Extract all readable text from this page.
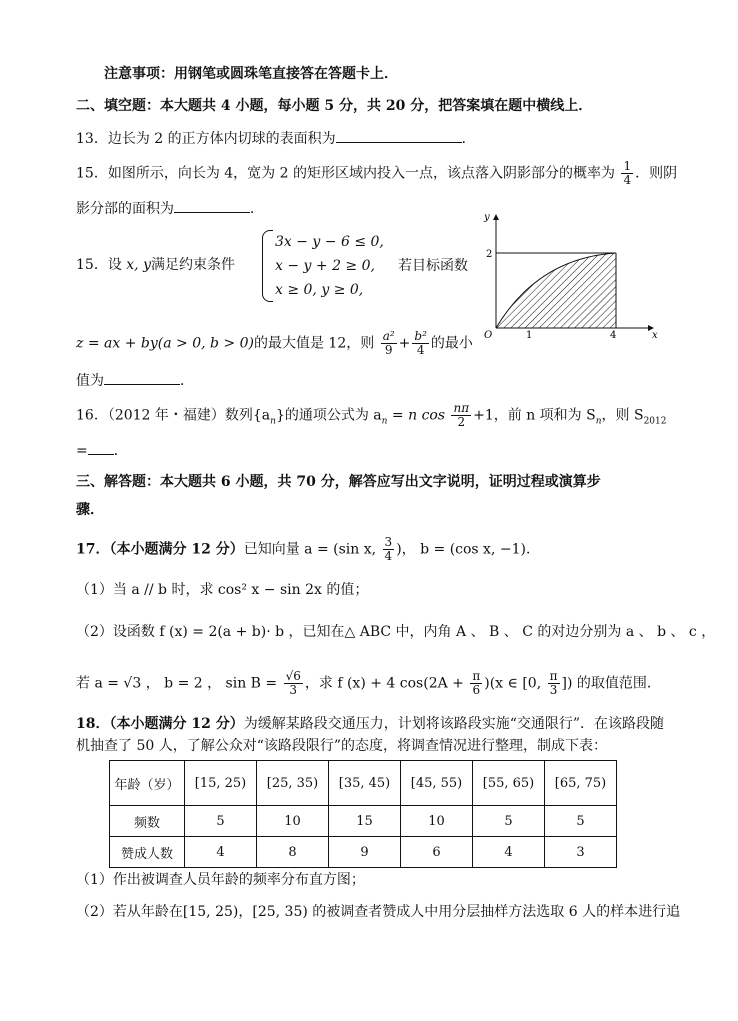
注意事项：用钢笔或圆珠笔直接答在答题卡上．
二、填空题：本大题共 4 小题，每小题 5 分，共 20 分，把答案填在题中横线上．
13．边长为 2 的正方体内切球的表面积为	．
15．如图所示，向长为 4，宽为 2 的矩形区域内投入一点，该点落入阴影部分的概率为 $\frac{1}{4}$ ．则阴
影分部的面积为	．
15．设 x, y满足约束条件
3x − y − 6 ≤ 0,
x − y + 2 ≥ 0,
x ≥ 0, y ≥ 0,
若目标函数
z = ax + by(a > 0, b > 0)的最大值是 12，则 $\frac{\text{a²}}{9} + \frac{\text{b²}}{4}$ 的最小
值为	．
y
x
2
O	1	4
16．（2012 年・福建）数列$\{a_n\}$的通项公式为 $a_n = n$ $\cos \frac{n\pi}{2} +1$，前 n 项和为 $S_n$，则 $S_{2012}$
= ．
三、解答题：本大题共 6 小题，共 70 分，解答应写出文字说明，证明过程或演算步
骤．
17．（本小题满分 12 分）已知向量 a = (sin x, $\frac{3}{4}$ )， b = (cos x, −1)．
（1）当 a // b 时，求 cos² x − sin 2x 的值；
（2）设函数 f (x) = 2(a + b)· b ，已知在△ ABC 中，内角 A 、 B 、 C 的对边分别为 a 、 b 、 c ，
若 a = √3 ， b = 2 ， $\sin B = \frac{√6}{3}$ ，求 f (x) + 4 $\cos(2A + \frac{\pi}{6} )(x$ ∈ [0, $\frac{\pi}{3}$ ]) 的取值范围．
18．（本小题满分 12 分）为缓解某路段交通压力，计划将该路段实施“交通限行”．在该路段随
机抽查了 50 人，了解公众对“该路段限行”的态度，将调查情况进行整理，制成下表：
年龄（岁）	[15, 25)	[25, 35)	[35, 45)	[45, 55)	[55, 65)	[65, 75)
频数	5	10	15	10	5	5
赞成人数	4	8	9	6	4	3
（1）作出被调查人员年龄的频率分布直方图；
（2）若从年龄在[15, 25)，[25, 35) 的被调查者赞成人中用分层抽样方法选取 6 人的样本进行追
